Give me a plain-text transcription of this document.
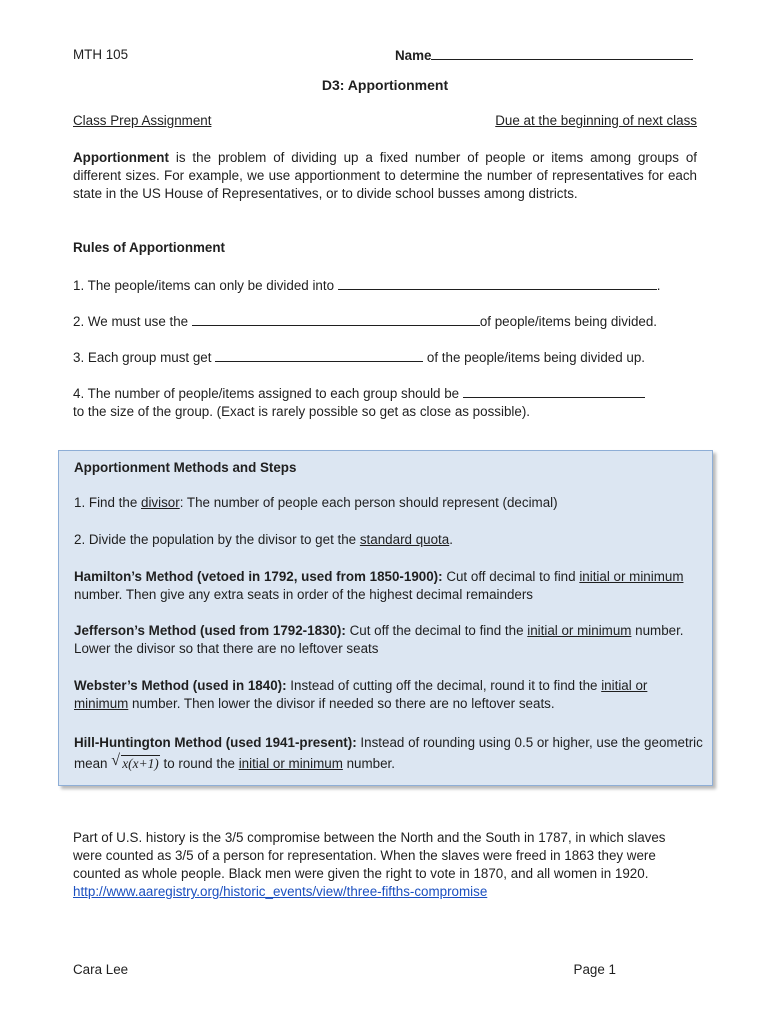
MTH 105	Name
D3: Apportionment
Class Prep Assignment	Due at the beginning of next class

Apportionment is the problem of dividing up a fixed number of people or items among groups of different sizes. For example, we use apportionment to determine the number of representatives for each state in the US House of Representatives, or to divide school busses among districts.

Rules of Apportionment
1. The people/items can only be divided into	.
2. We must use the	of people/items being divided.
3. Each group must get	of the people/items being divided up.
4. The number of people/items assigned to each group should be
to the size of the group. (Exact is rarely possible so get as close as possible).
Apportionment Methods and Steps
1. Find the divisor: The number of people each person should represent (decimal)
2. Divide the population by the divisor to get the standard quota.
Hamilton’s Method (vetoed in 1792, used from 1850-1900): Cut off decimal to find initial or minimum number. Then give any extra seats in order of the highest decimal remainders
Jefferson’s Method (used from 1792-1830): Cut off the decimal to find the initial or minimum number. Lower the divisor so that there are no leftover seats
Webster’s Method (used in 1840): Instead of cutting off the decimal, round it to find the initial or minimum number. Then lower the divisor if needed so there are no leftover seats.
Hill-Huntington Method (used 1941-present): Instead of rounding using 0.5 or higher, use the geometric mean √ x(x+1) to round the initial or minimum number.

Part of U.S. history is the 3/5 compromise between the North and the South in 1787, in which slaves were counted as 3/5 of a person for representation. When the slaves were freed in 1863 they were counted as whole people. Black men were given the right to vote in 1870, and all women in 1920. http://www.aaregistry.org/historic_events/view/three-fifths-compromise

Cara Lee	Page 1
